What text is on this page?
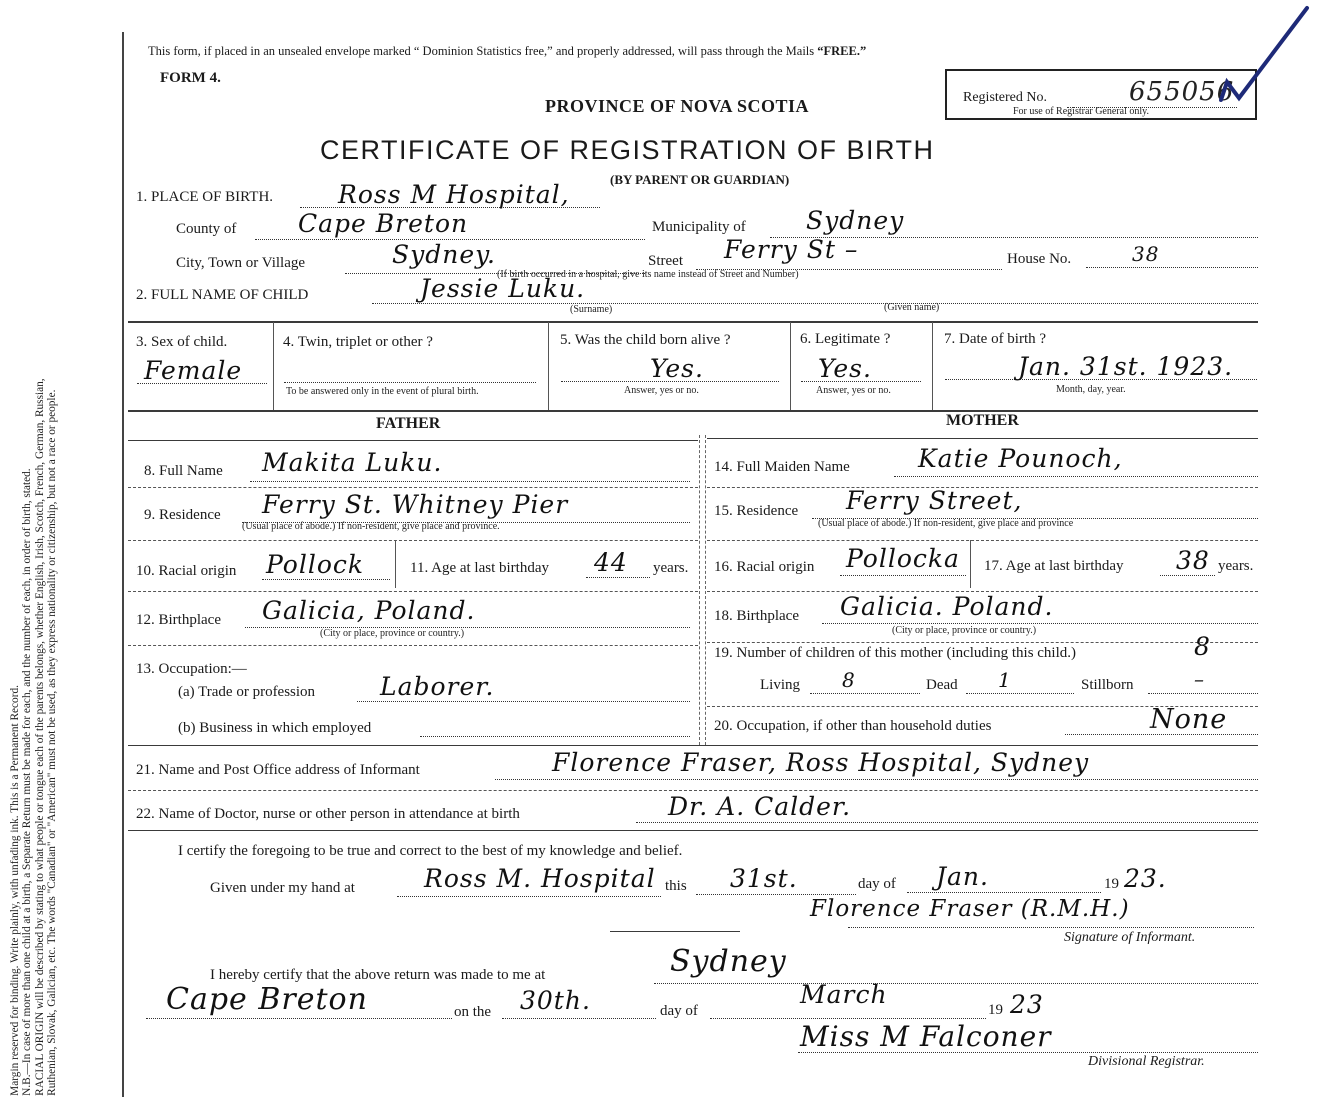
Margin reserved for binding. Write plainly, with unfading ink. This is a Permanent Record. N.B.—In case of more than one child at a birth, a Separate Return must be made for each, and the number of each, in order of birth, stated. RACIAL ORIGIN will be described by stating to what people or tongue each of the parents belongs, whether English, Irish, Scotch, French, German, Russian, Ruthenian, Slovak, Galician, etc. The words "Canadian" or "American" must not be used, as they express nationality or citizenship, but not a race or people.
This form, if placed in an unsealed envelope marked “ Dominion Statistics free,” and properly addressed, will pass through the Mails “FREE.”
FORM 4.
PROVINCE OF NOVA SCOTIA	Registered No.	655056
For use of Registrar General only.
CERTIFICATE OF REGISTRATION OF BIRTH
(BY PARENT OR GUARDIAN)
1. PLACE OF BIRTH.	Ross M Hospital,
County of Cape Breton	Municipality of Sydney
City, Town or Village	Sydney.	Street Ferry St –	House No.	38
(If birth occurred in a hospital, give its name instead of Street and Number)
2. FULL NAME OF CHILD	Jessie Luku.
(Surname)	(Given name)
3. Sex of child.
Female
4. Twin, triplet or other ?
To be answered only in the event of plural birth.
5. Was the child born alive ?
Yes.
Answer, yes or no.
6. Legitimate ?
Yes.
Answer, yes or no.
7. Date of birth ?
Jan. 31st. 1923.
Month, day, year.
FATHER	MOTHER
8. Full Name Makita Luku.
9. Residence Ferry St. Whitney Pier
(Usual place of abode.) If non-resident, give place and province.
10. Racial origin Pollock	11. Age at last birthday 44 years.
12. Birthplace Galicia, Poland.
(City or place, province or country.)
13. Occupation:—
(a) Trade or profession	Laborer.
(b) Business in which employed
14. Full Maiden Name	Katie Pounoch,
15. Residence Ferry Street,
(Usual place of abode.) If non-resident, give place and province
16. Racial origin Pollocka 17. Age at last birthday 38 years.
18. Birthplace Galicia. Poland.
(City or place, province or country.)
19. Number of children of this mother (including this child.)	8
Living 8	Dead 1	Stillborn	–
20. Occupation, if other than household duties	None
21. Name and Post Office address of Informant	Florence Fraser, Ross Hospital, Sydney
22. Name of Doctor, nurse or other person in attendance at birth	Dr. A. Calder.
I certify the foregoing to be true and correct to the best of my knowledge and belief.
Given under my hand at	Ross M. Hospital this 31st.	day of Jan.	19 23.
Florence Fraser (R.M.H.)
Signature of Informant.
I hereby certify that the above return was made to me at	Sydney
Cape Breton	on the 30th.	day of
March
19 23
Miss M Falconer
Divisional Registrar.
